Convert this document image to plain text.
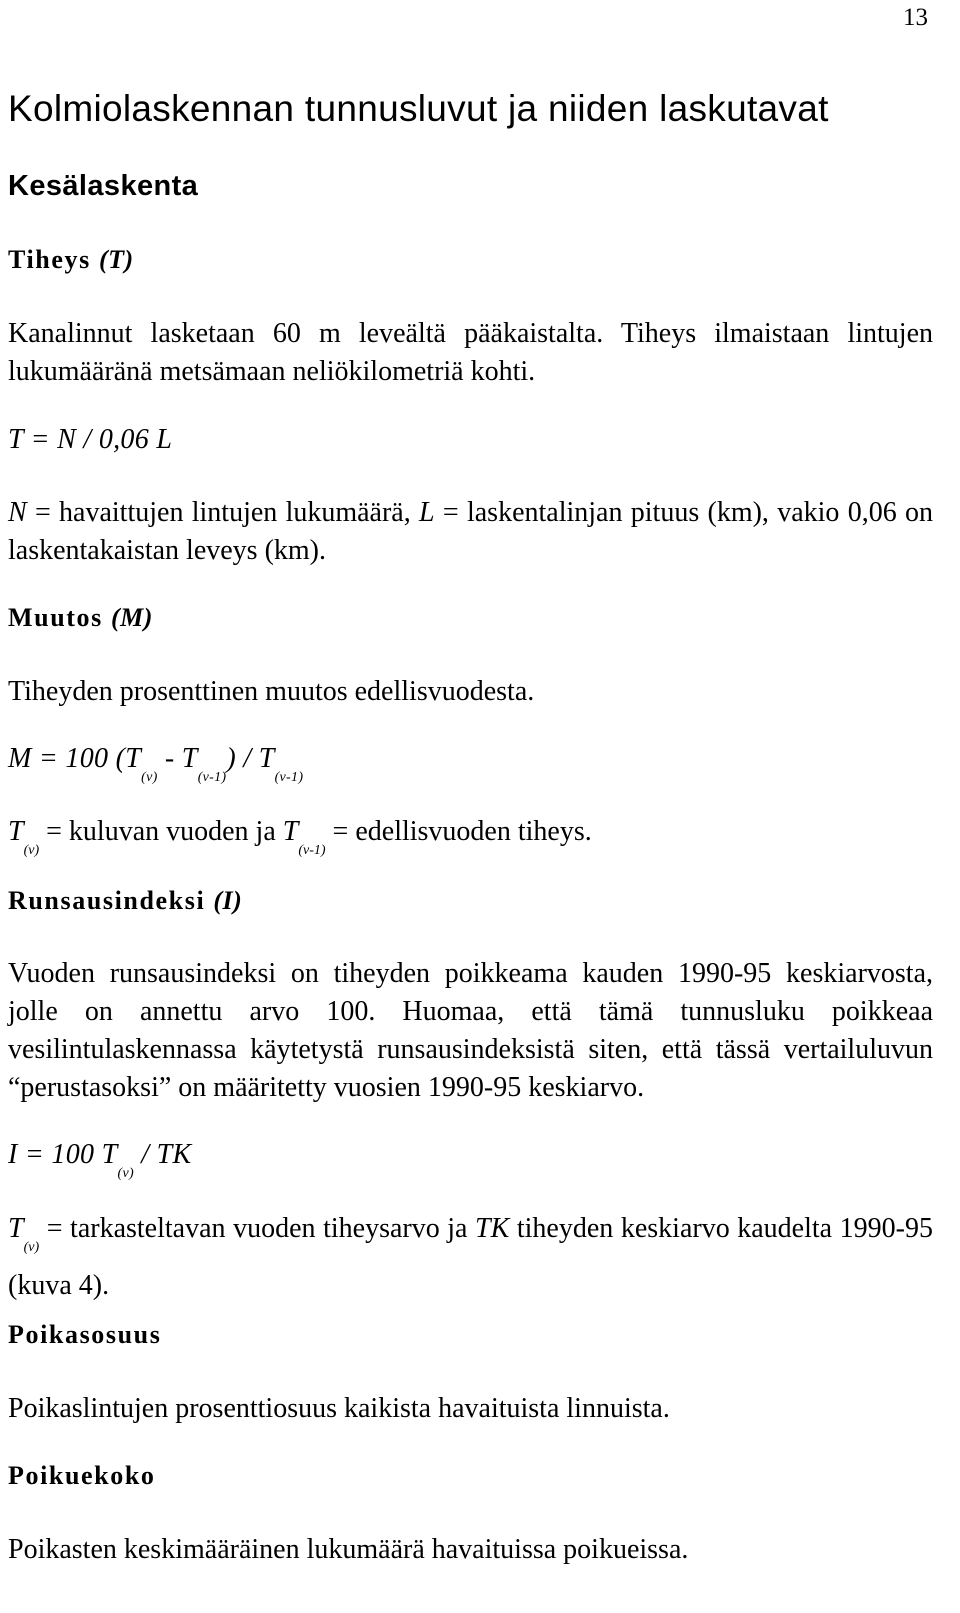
13
Kolmiolaskennan tunnusluvut ja niiden laskutavat
Kesälaskenta
Tiheys (T)
Kanalinnut lasketaan 60 m leveältä pääkaistalta. Tiheys ilmaistaan lintujen lukumääränä metsämaan neliökilometriä kohti.
T = N / 0,06 L
N = havaittujen lintujen lukumäärä, L = laskentalinjan pituus (km), vakio 0,06 on laskentakaistan leveys (km).
Muutos (M)
Tiheyden prosenttinen muutos edellisvuodesta.
M = 100 $(T_{(v)} - T_{(v-1)}) / T_{(v-1)}$
$T_{(v)}$ = kuluvan vuoden ja $T_{(v-1)}$ = edellisvuoden tiheys.
Runsausindeksi (I)
Vuoden runsausindeksi on tiheyden poikkeama kauden 1990-95 keskiarvosta, jolle on annettu arvo 100. Huomaa, että tämä tunnusluku poikkeaa vesilintulaskennassa käytetystä runsausindeksistä siten, että tässä vertailuluvun “perustasoksi” on määritetty vuosien 1990-95 keskiarvo.
I = 100 $T_{(v)}$ / TK
$T_{(v)}$ = tarkasteltavan vuoden tiheysarvo ja TK tiheyden keskiarvo kaudelta 1990-95 (kuva 4).
Poikasosuus
Poikaslintujen prosenttiosuus kaikista havaituista linnuista.
Poikuekoko
Poikasten keskimääräinen lukumäärä havaituissa poikueissa.
